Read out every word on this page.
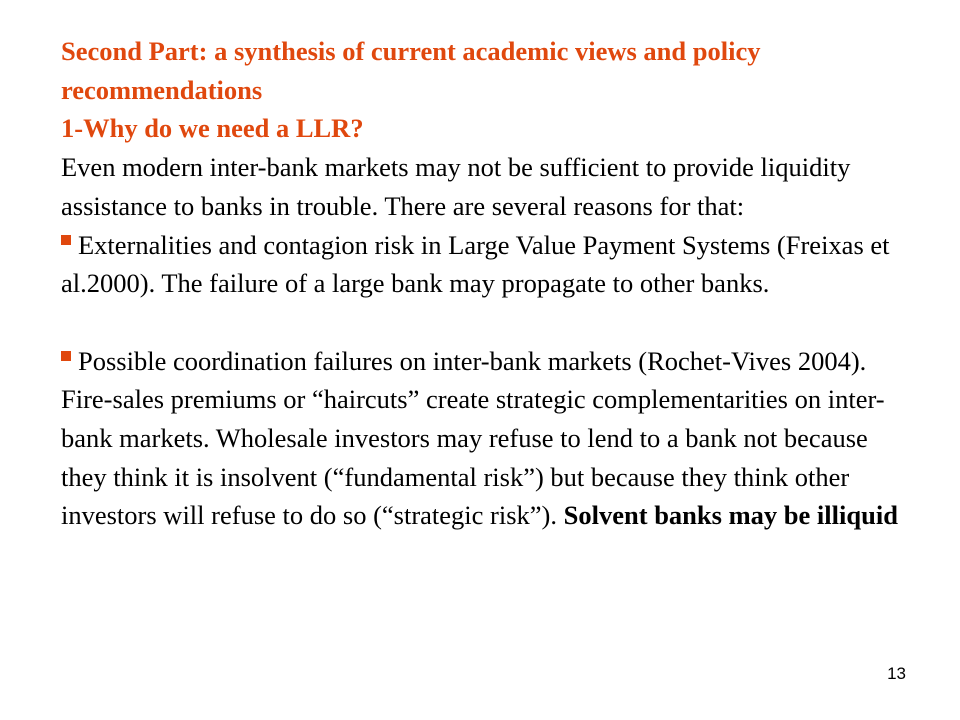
Second Part: a synthesis of current academic views and policy recommendations

1-Why do we need a LLR?

Even modern inter-bank markets may not be sufficient to provide liquidity assistance to banks in trouble. There are several reasons for that:

Externalities and contagion risk in Large Value Payment Systems (Freixas et al.2000). The failure of a large bank may propagate to other banks.

Possible coordination failures on inter-bank markets (Rochet-Vives 2004). Fire-sales premiums or “haircuts” create strategic complementarities on inter-bank markets. Wholesale investors may refuse to lend to a bank not because they think it is insolvent (“fundamental risk”) but because they think other investors will refuse to do so (“strategic risk”). Solvent banks may be illiquid

13
